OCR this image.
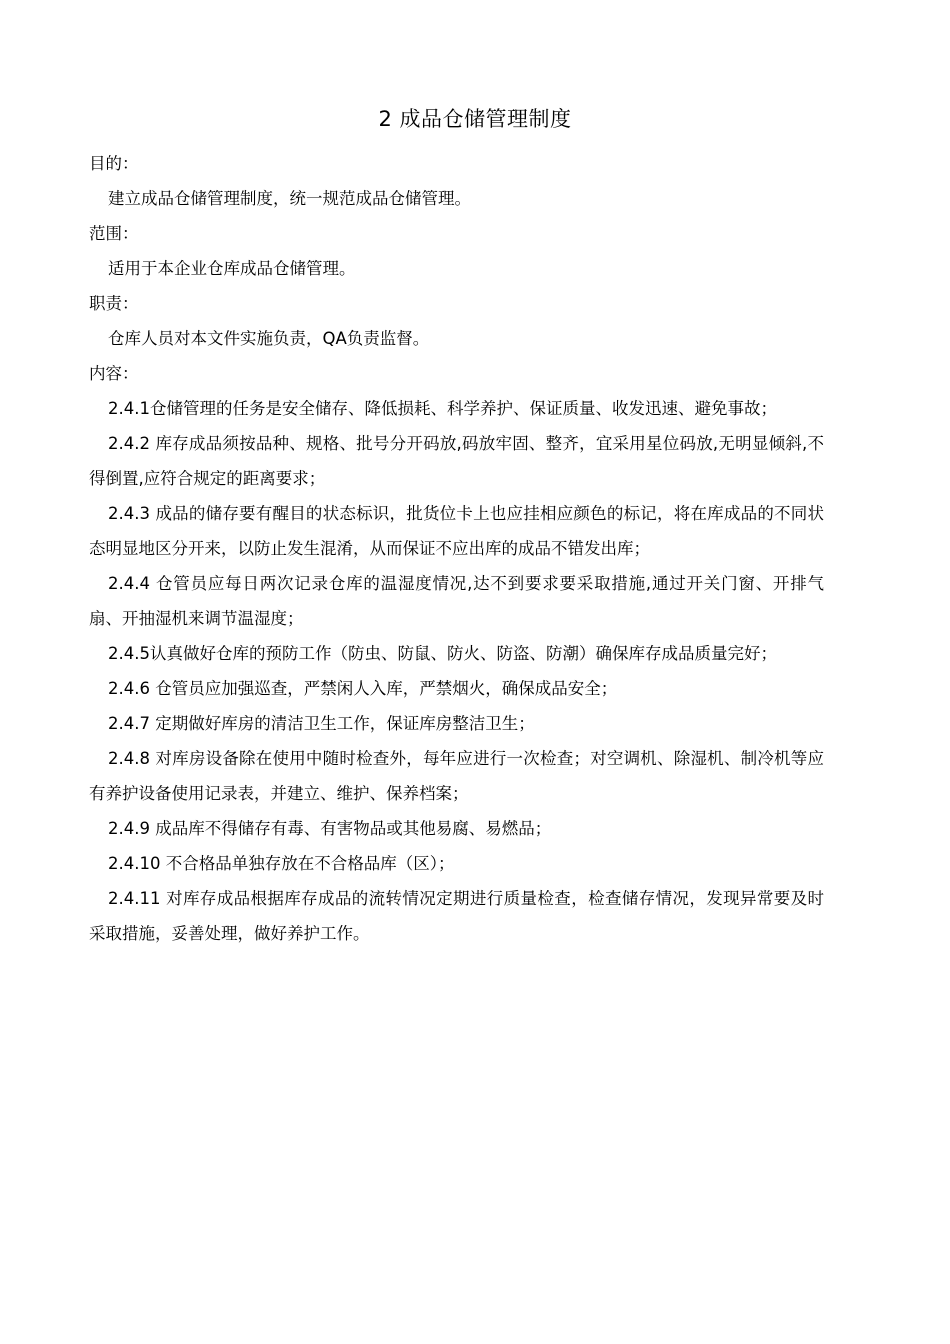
2 成品仓储管理制度

目的：

建立成品仓储管理制度，统一规范成品仓储管理。

范围：

适用于本企业仓库成品仓储管理。

职责：

仓库人员对本文件实施负责，QA负责监督。

内容：

2.4.1仓储管理的任务是安全储存、降低损耗、科学养护、保证质量、收发迅速、避免事故；

2.4.2 库存成品须按品种、规格、批号分开码放,码放牢固、整齐，宜采用星位码放,无明显倾斜,不得倒置,应符合规定的距离要求；

2.4.3 成品的储存要有醒目的状态标识，批货位卡上也应挂相应颜色的标记，将在库成品的不同状态明显地区分开来，以防止发生混淆，从而保证不应出库的成品不错发出库；

2.4.4 仓管员应每日两次记录仓库的温湿度情况,达不到要求要采取措施,通过开关门窗、开排气扇、开抽湿机来调节温湿度；

2.4.5认真做好仓库的预防工作（防虫、防鼠、防火、防盗、防潮）确保库存成品质量完好；

2.4.6 仓管员应加强巡查，严禁闲人入库，严禁烟火，确保成品安全；

2.4.7 定期做好库房的清洁卫生工作，保证库房整洁卫生；

2.4.8 对库房设备除在使用中随时检查外，每年应进行一次检查；对空调机、除湿机、制冷机等应有养护设备使用记录表，并建立、维护、保养档案；

2.4.9 成品库不得储存有毒、有害物品或其他易腐、易燃品；

2.4.10 不合格品单独存放在不合格品库（区）；

2.4.11 对库存成品根据库存成品的流转情况定期进行质量检查，检查储存情况，发现异常要及时采取措施，妥善处理，做好养护工作。
